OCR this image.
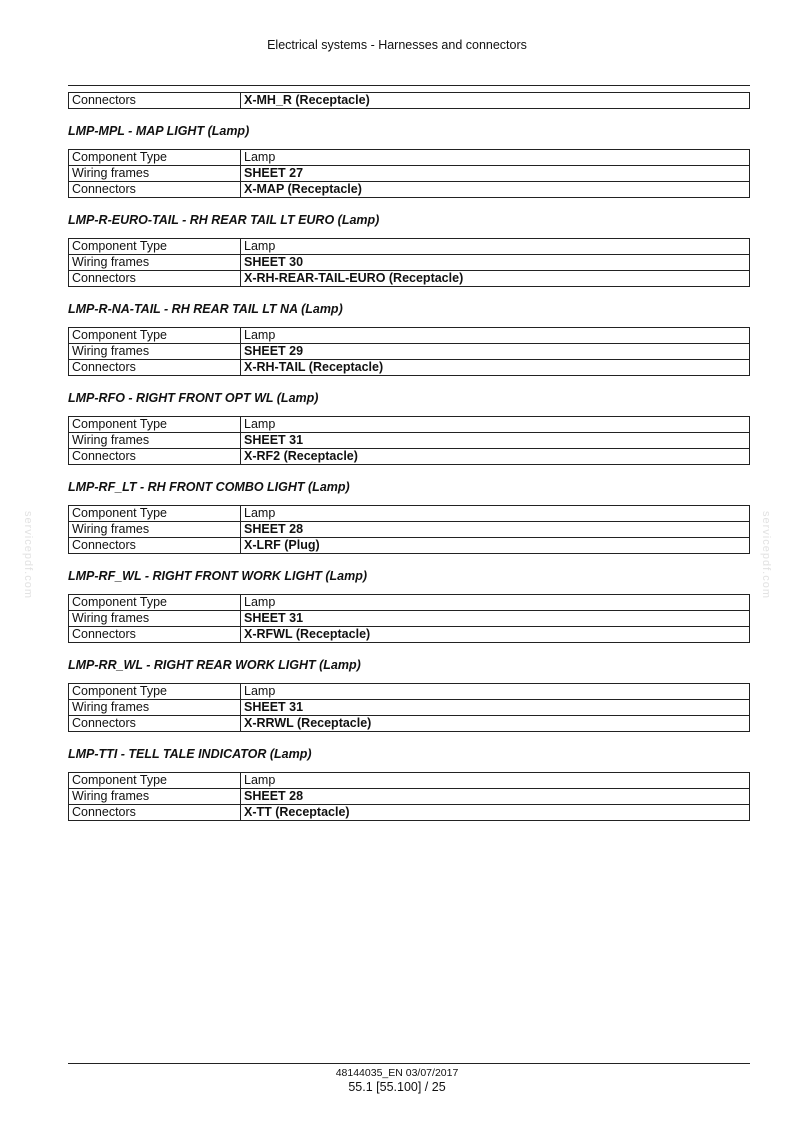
Electrical systems - Harnesses and connectors
servicepdf.com	servicepdf.com
Connectors	X-MH_R (Receptacle)
LMP-MPL - MAP LIGHT (Lamp)
Component Type	Lamp
Wiring frames	SHEET 27
Connectors	X-MAP (Receptacle)
LMP-R-EURO-TAIL - RH REAR TAIL LT EURO (Lamp)
Component Type	Lamp
Wiring frames	SHEET 30
Connectors	X-RH-REAR-TAIL-EURO (Receptacle)
LMP-R-NA-TAIL - RH REAR TAIL LT NA (Lamp)
Component Type	Lamp
Wiring frames	SHEET 29
Connectors	X-RH-TAIL (Receptacle)
LMP-RFO - RIGHT FRONT OPT WL (Lamp)
Component Type	Lamp
Wiring frames	SHEET 31
Connectors	X-RF2 (Receptacle)
LMP-RF_LT - RH FRONT COMBO LIGHT (Lamp)
Component Type	Lamp
Wiring frames	SHEET 28
Connectors	X-LRF (Plug)
LMP-RF_WL - RIGHT FRONT WORK LIGHT (Lamp)
Component Type	Lamp
Wiring frames	SHEET 31
Connectors	X-RFWL (Receptacle)
LMP-RR_WL - RIGHT REAR WORK LIGHT (Lamp)
Component Type	Lamp
Wiring frames	SHEET 31
Connectors	X-RRWL (Receptacle)
LMP-TTI - TELL TALE INDICATOR (Lamp)
Component Type	Lamp
Wiring frames	SHEET 28
Connectors	X-TT (Receptacle)
48144035_EN 03/07/2017
55.1 [55.100] / 25
